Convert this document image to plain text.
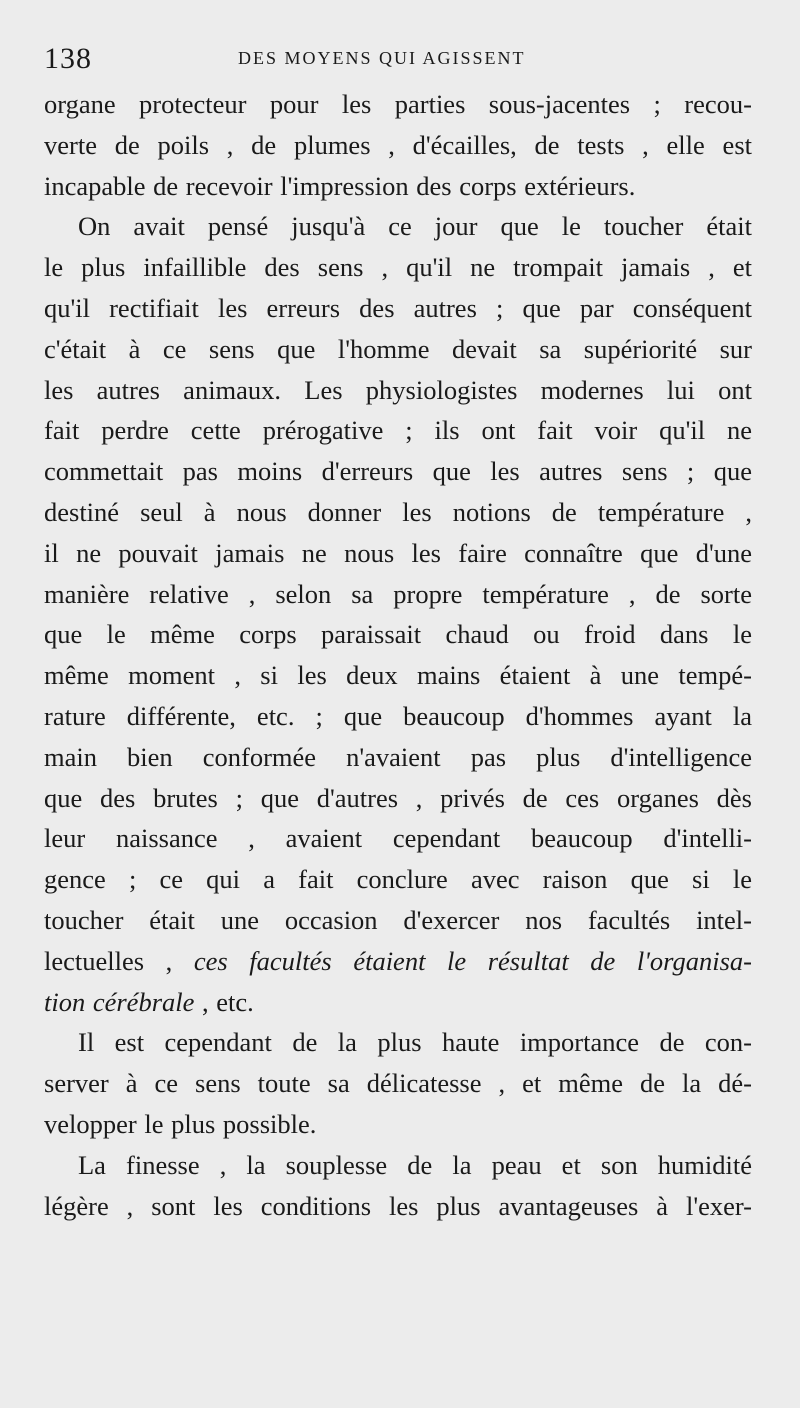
138	DES MOYENS QUI AGISSENT
organe protecteur pour les parties sous-jacentes ; recou-
verte de poils , de plumes , d'écailles, de tests , elle est
incapable de recevoir l'impression des corps extérieurs.
On avait pensé jusqu'à ce jour que le toucher était
le plus infaillible des sens , qu'il ne trompait jamais , et
qu'il rectifiait les erreurs des autres ; que par conséquent
c'était à ce sens que l'homme devait sa supériorité sur
les autres animaux. Les physiologistes modernes lui ont
fait perdre cette prérogative ; ils ont fait voir qu'il ne
commettait pas moins d'erreurs que les autres sens ; que
destiné seul à nous donner les notions de température ,
il ne pouvait jamais ne nous les faire connaître que d'une
manière relative , selon sa propre température , de sorte
que le même corps paraissait chaud ou froid dans le
même moment , si les deux mains étaient à une tempé-
rature différente, etc. ; que beaucoup d'hommes ayant la
main bien conformée n'avaient pas plus d'intelligence
que des brutes ; que d'autres , privés de ces organes dès
leur naissance , avaient cependant beaucoup d'intelli-
gence ; ce qui a fait conclure avec raison que si le
toucher était une occasion d'exercer nos facultés intel-
lectuelles , ces facultés étaient le résultat de l'organisa-
tion cérébrale , etc.
Il est cependant de la plus haute importance de con-
server à ce sens toute sa délicatesse , et même de la dé-
velopper le plus possible.
La finesse , la souplesse de la peau et son humidité
légère , sont les conditions les plus avantageuses à l'exer-
